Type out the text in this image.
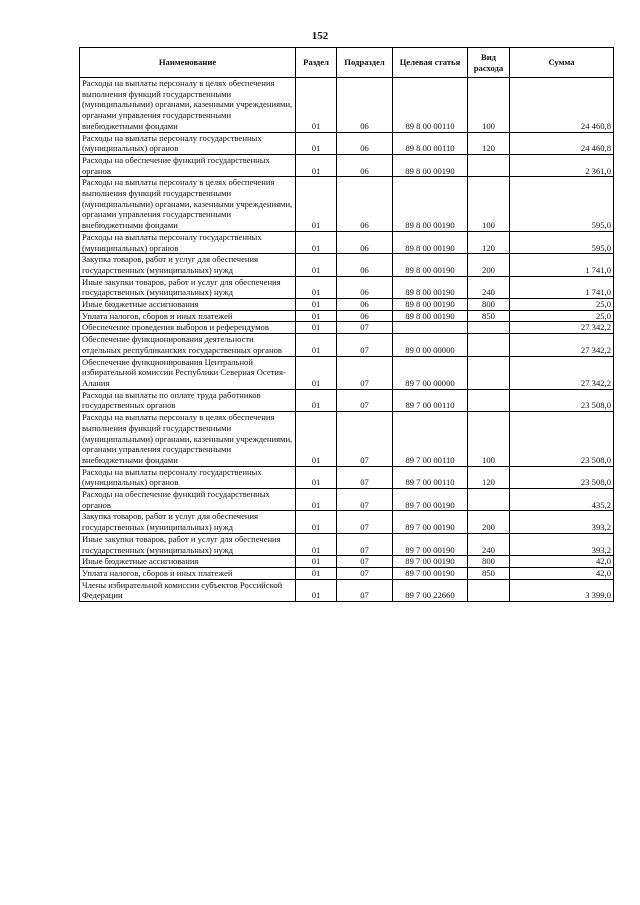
152
Наименование	Раздел	Подраздел	Целевая статья	Вид расхода	Сумма
Расходы на выплаты персоналу в целях обеспечения выполнения функций государственными (муниципальными) органами, казенными учреждениями, органами управления государственными внебюджетными фондами	01	06	89 8 00 00110	100	24 460,8
Расходы на выплаты персоналу государственных (муниципальных) органов	01	06	89 8 00 00110	120	24 460,8
Расходы на обеспечение функций государственных органов	01	06	89 8 00 00190		2 361,0
Расходы на выплаты персоналу в целях обеспечения выполнения функций государственными (муниципальными) органами, казенными учреждениями, органами управления государственными внебюджетными фондами	01	06	89 8 00 00190	100	595,0
Расходы на выплаты персоналу государственных (муниципальных) органов	01	06	89 8 00 00190	120	595,0
Закупка товаров, работ и услуг для обеспечения государственных (муниципальных) нужд	01	06	89 8 00 00190	200	1 741,0
Иные закупки товаров, работ и услуг для обеспечения государственных (муниципальных) нужд	01	06	89 8 00 00190	240	1 741,0
Иные бюджетные ассигнования	01	06	89 8 00 00190	800	25,0
Уплата налогов, сборов и иных платежей	01	06	89 8 00 00190	850	25,0
Обеспечение проведения выборов и референдумов	01	07			27 342,2
Обеспечение функционирования деятельности отдельных республиканских государственных органов	01	07	89 0 00 00000		27 342,2
Обеспечение функционирования Центральной избирательной комиссии Республики Северная Осетия-Алания	01	07	89 7 00 00000		27 342,2
Расходы на выплаты по оплате труда работников государственных органов	01	07	89 7 00 00110		23 508,0
Расходы на выплаты персоналу в целях обеспечения выполнения функций государственными (муниципальными) органами, казенными учреждениями, органами управления государственными внебюджетными фондами	01	07	89 7 00 00110	100	23 508,0
Расходы на выплаты персоналу государственных (муниципальных) органов	01	07	89 7 00 00110	120	23 508,0
Расходы на обеспечение функций государственных органов	01	07	89 7 00 00190		435,2
Закупка товаров, работ и услуг для обеспечения государственных (муниципальных) нужд	01	07	89 7 00 00190	200	393,2
Иные закупки товаров, работ и услуг для обеспечения государственных (муниципальных) нужд	01	07	89 7 00 00190	240	393,2
Иные бюджетные ассигнования	01	07	89 7 00 00190	800	42,0
Уплата налогов, сборов и иных платежей	01	07	89 7 00 00190	850	42,0
Члены избирательной комиссии субъектов Российской Федерации	01	07	89 7 00 22660		3 399,0
